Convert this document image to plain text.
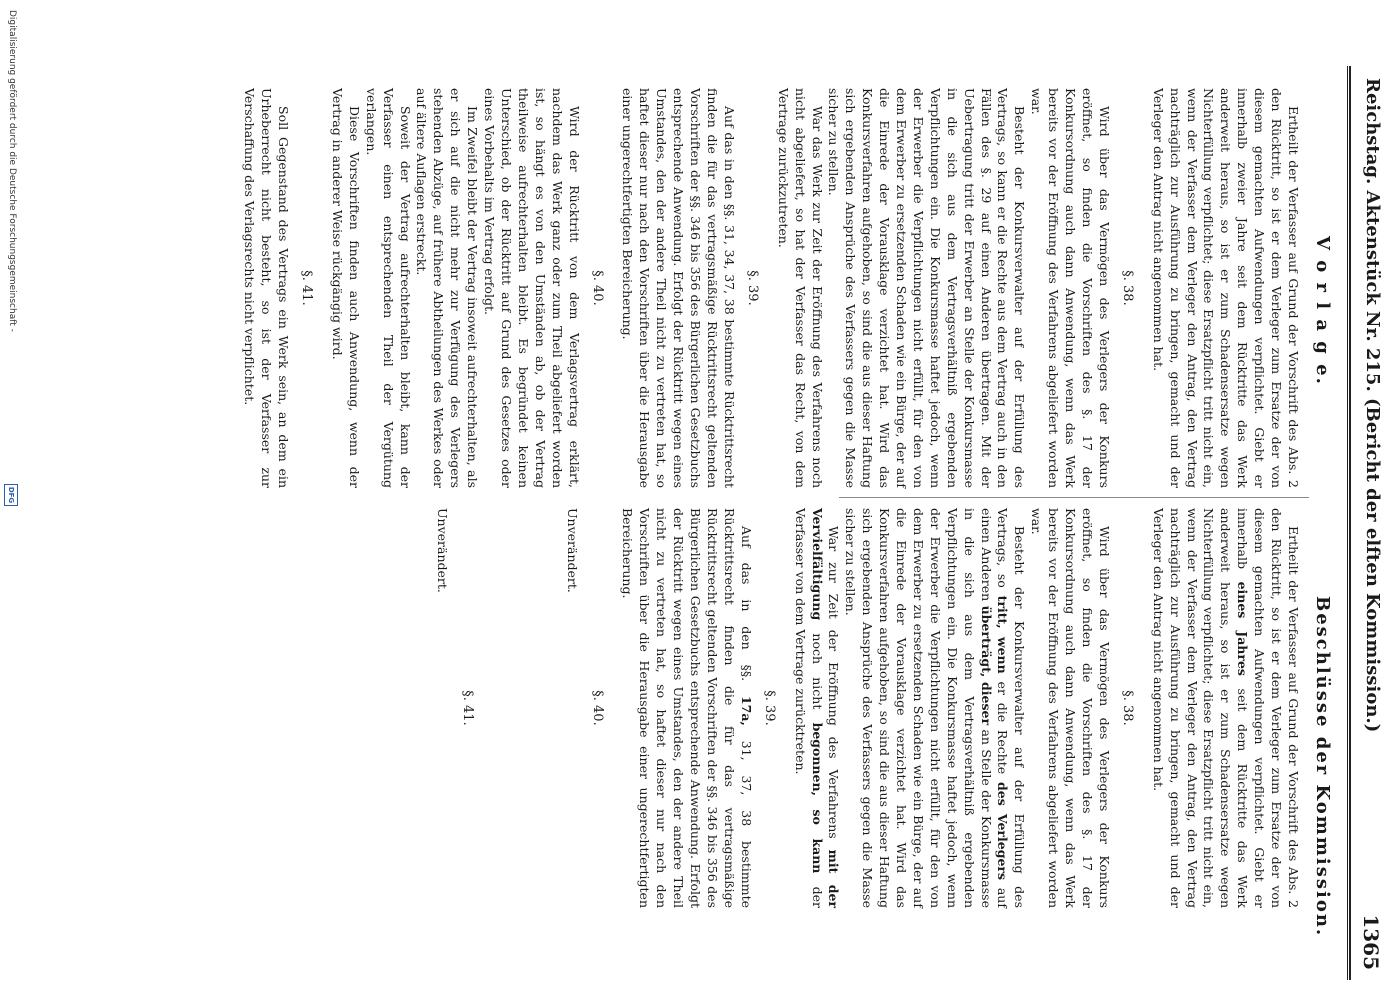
Reichstag. Aktenstück Nr. 215. (Bericht der elften Kommission.)
1365
V o r l a g e.
Beschlüsse der Kommission.

Ertheilt der Verfasser auf Grund der Vorschrift des Abs. 2 den Rücktritt, so ist er dem Verleger zum Ersatze der von diesem gemachten Aufwendungen verpflichtet. Giebt er innerhalb zweier Jahre seit dem Rücktritte das Werk anderweit heraus, so ist er zum Schadensersatze wegen Nichterfüllung verpflichtet; diese Ersatzpflicht tritt nicht ein, wenn der Verfasser dem Verleger den Antrag, den Vertrag nachträglich zur Ausführung zu bringen, gemacht und der Verleger den Antrag nicht angenommen hat.

§. 38.

Wird über das Vermögen des Verlegers der Konkurs eröffnet, so finden die Vorschriften des §. 17 der Konkursordnung auch dann Anwendung, wenn das Werk bereits vor der Eröffnung des Verfahrens abgeliefert worden war.

Besteht der Konkursverwalter auf der Erfüllung des Vertrags, so kann er die Rechte aus dem Vertrag auch in den Fällen des §. 29 auf einen Anderen übertragen. Mit der Uebertragung tritt der Erwerber an Stelle der Konkursmasse in die sich aus dem Vertragsverhältniß ergebenden Verpflichtungen ein. Die Konkursmasse haftet jedoch, wenn der Erwerber die Verpflichtungen nicht erfüllt, für den von dem Erwerber zu ersetzenden Schaden wie ein Bürge, der auf die Einrede der Vorausklage verzichtet hat. Wird das Konkursverfahren aufgehoben, so sind die aus dieser Haftung sich ergebenden Ansprüche des Verfassers gegen die Masse sicher zu stellen.

War das Werk zur Zeit der Eröffnung des Verfahrens noch nicht abgeliefert, so hat der Verfasser das Recht, von dem Vertrage zurückzutreten.

§. 39.

Auf das in den §§. 31, 34, 37, 38 bestimmte Rücktrittsrecht finden die für das vertragsmäßige Rücktrittsrecht geltenden Vorschriften der §§. 346 bis 356 des Bürgerlichen Gesetzbuchs entsprechende Anwendung. Erfolgt der Rücktritt wegen eines Umstandes, den der andere Theil nicht zu vertreten hat, so haftet dieser nur nach den Vorschriften über die Herausgabe einer ungerechtfertigten Bereicherung.

§. 40.

Wird der Rücktritt von dem Verlagsvertrag erklärt, nachdem das Werk ganz oder zum Theil abgeliefert worden ist, so hängt es von den Umständen ab, ob der Vertrag theilweise aufrechterhalten bleibt. Es begründet keinen Unterschied, ob der Rücktritt auf Grund des Gesetzes oder eines Vorbehalts im Vertrag erfolgt.

Im Zweifel bleibt der Vertrag insoweit aufrechterhalten, als er sich auf die nicht mehr zur Verfügung des Verlegers stehenden Abzüge, auf frühere Abtheilungen des Werkes oder auf ältere Auflagen erstreckt.

Soweit der Vertrag aufrechterhalten bleibt, kann der Verfasser einen entsprechenden Theil der Vergütung verlangen.

Diese Vorschriften finden auch Anwendung, wenn der Vertrag in anderer Weise rückgängig wird.

§. 41.

Soll Gegenstand des Vertrags ein Werk sein, an dem ein Urheberrecht nicht besteht, so ist der Verfasser zur Verschaffung des Verlagsrechts nicht verpflichtet.

Ertheilt der Verfasser auf Grund der Vorschrift des Abs. 2 den Rücktritt, so ist er dem Verleger zum Ersatze der von diesem gemachten Aufwendungen verpflichtet. Giebt er innerhalb eines Jahres seit dem Rücktritte das Werk anderweit heraus, so ist er zum Schadensersatze wegen Nichterfüllung verpflichtet; diese Ersatzpflicht tritt nicht ein, wenn der Verfasser dem Verleger den Antrag, den Vertrag nachträglich zur Ausführung zu bringen, gemacht und der Verleger den Antrag nicht angenommen hat.

§. 38.

Wird über das Vermögen des Verlegers der Konkurs eröffnet, so finden die Vorschriften des §. 17 der Konkursordnung auch dann Anwendung, wenn das Werk bereits vor der Eröffnung des Verfahrens abgeliefert worden war.

Besteht der Konkursverwalter auf der Erfüllung des Vertrags, so tritt, wenn er die Rechte des Verlegers auf einen Anderen überträgt, dieser an Stelle der Konkursmasse in die sich aus dem Vertragsverhältniß ergebenden Verpflichtungen ein. Die Konkursmasse haftet jedoch, wenn der Erwerber die Verpflichtungen nicht erfüllt, für den von dem Erwerber zu ersetzenden Schaden wie ein Bürge, der auf die Einrede der Vorausklage verzichtet hat. Wird das Konkursverfahren aufgehoben, so sind die aus dieser Haftung sich ergebenden Ansprüche des Verfassers gegen die Masse sicher zu stellen.

War zur Zeit der Eröffnung des Verfahrens mit der Vervielfältigung noch nicht begonnen, so kann der Verfasser von dem Vertrage zurücktreten.

§. 39.

Auf das in den §§. 17a, 31, 37, 38 bestimmte Rücktrittsrecht finden die für das vertragsmäßige Rücktrittsrecht geltenden Vorschriften der §§. 346 bis 356 des Bürgerlichen Gesetzbuchs entsprechende Anwendung. Erfolgt der Rücktritt wegen eines Umstandes, den der andere Theil nicht zu vertreten hat, so haftet dieser nur nach den Vorschriften über die Herausgabe einer ungerechtfertigten Bereicherung.

§. 40.

Unverändert.

§. 41.

Unverändert.

Digitalisierung gefördert durch die Deutsche Forschungsgemeinschaft -
DFG
